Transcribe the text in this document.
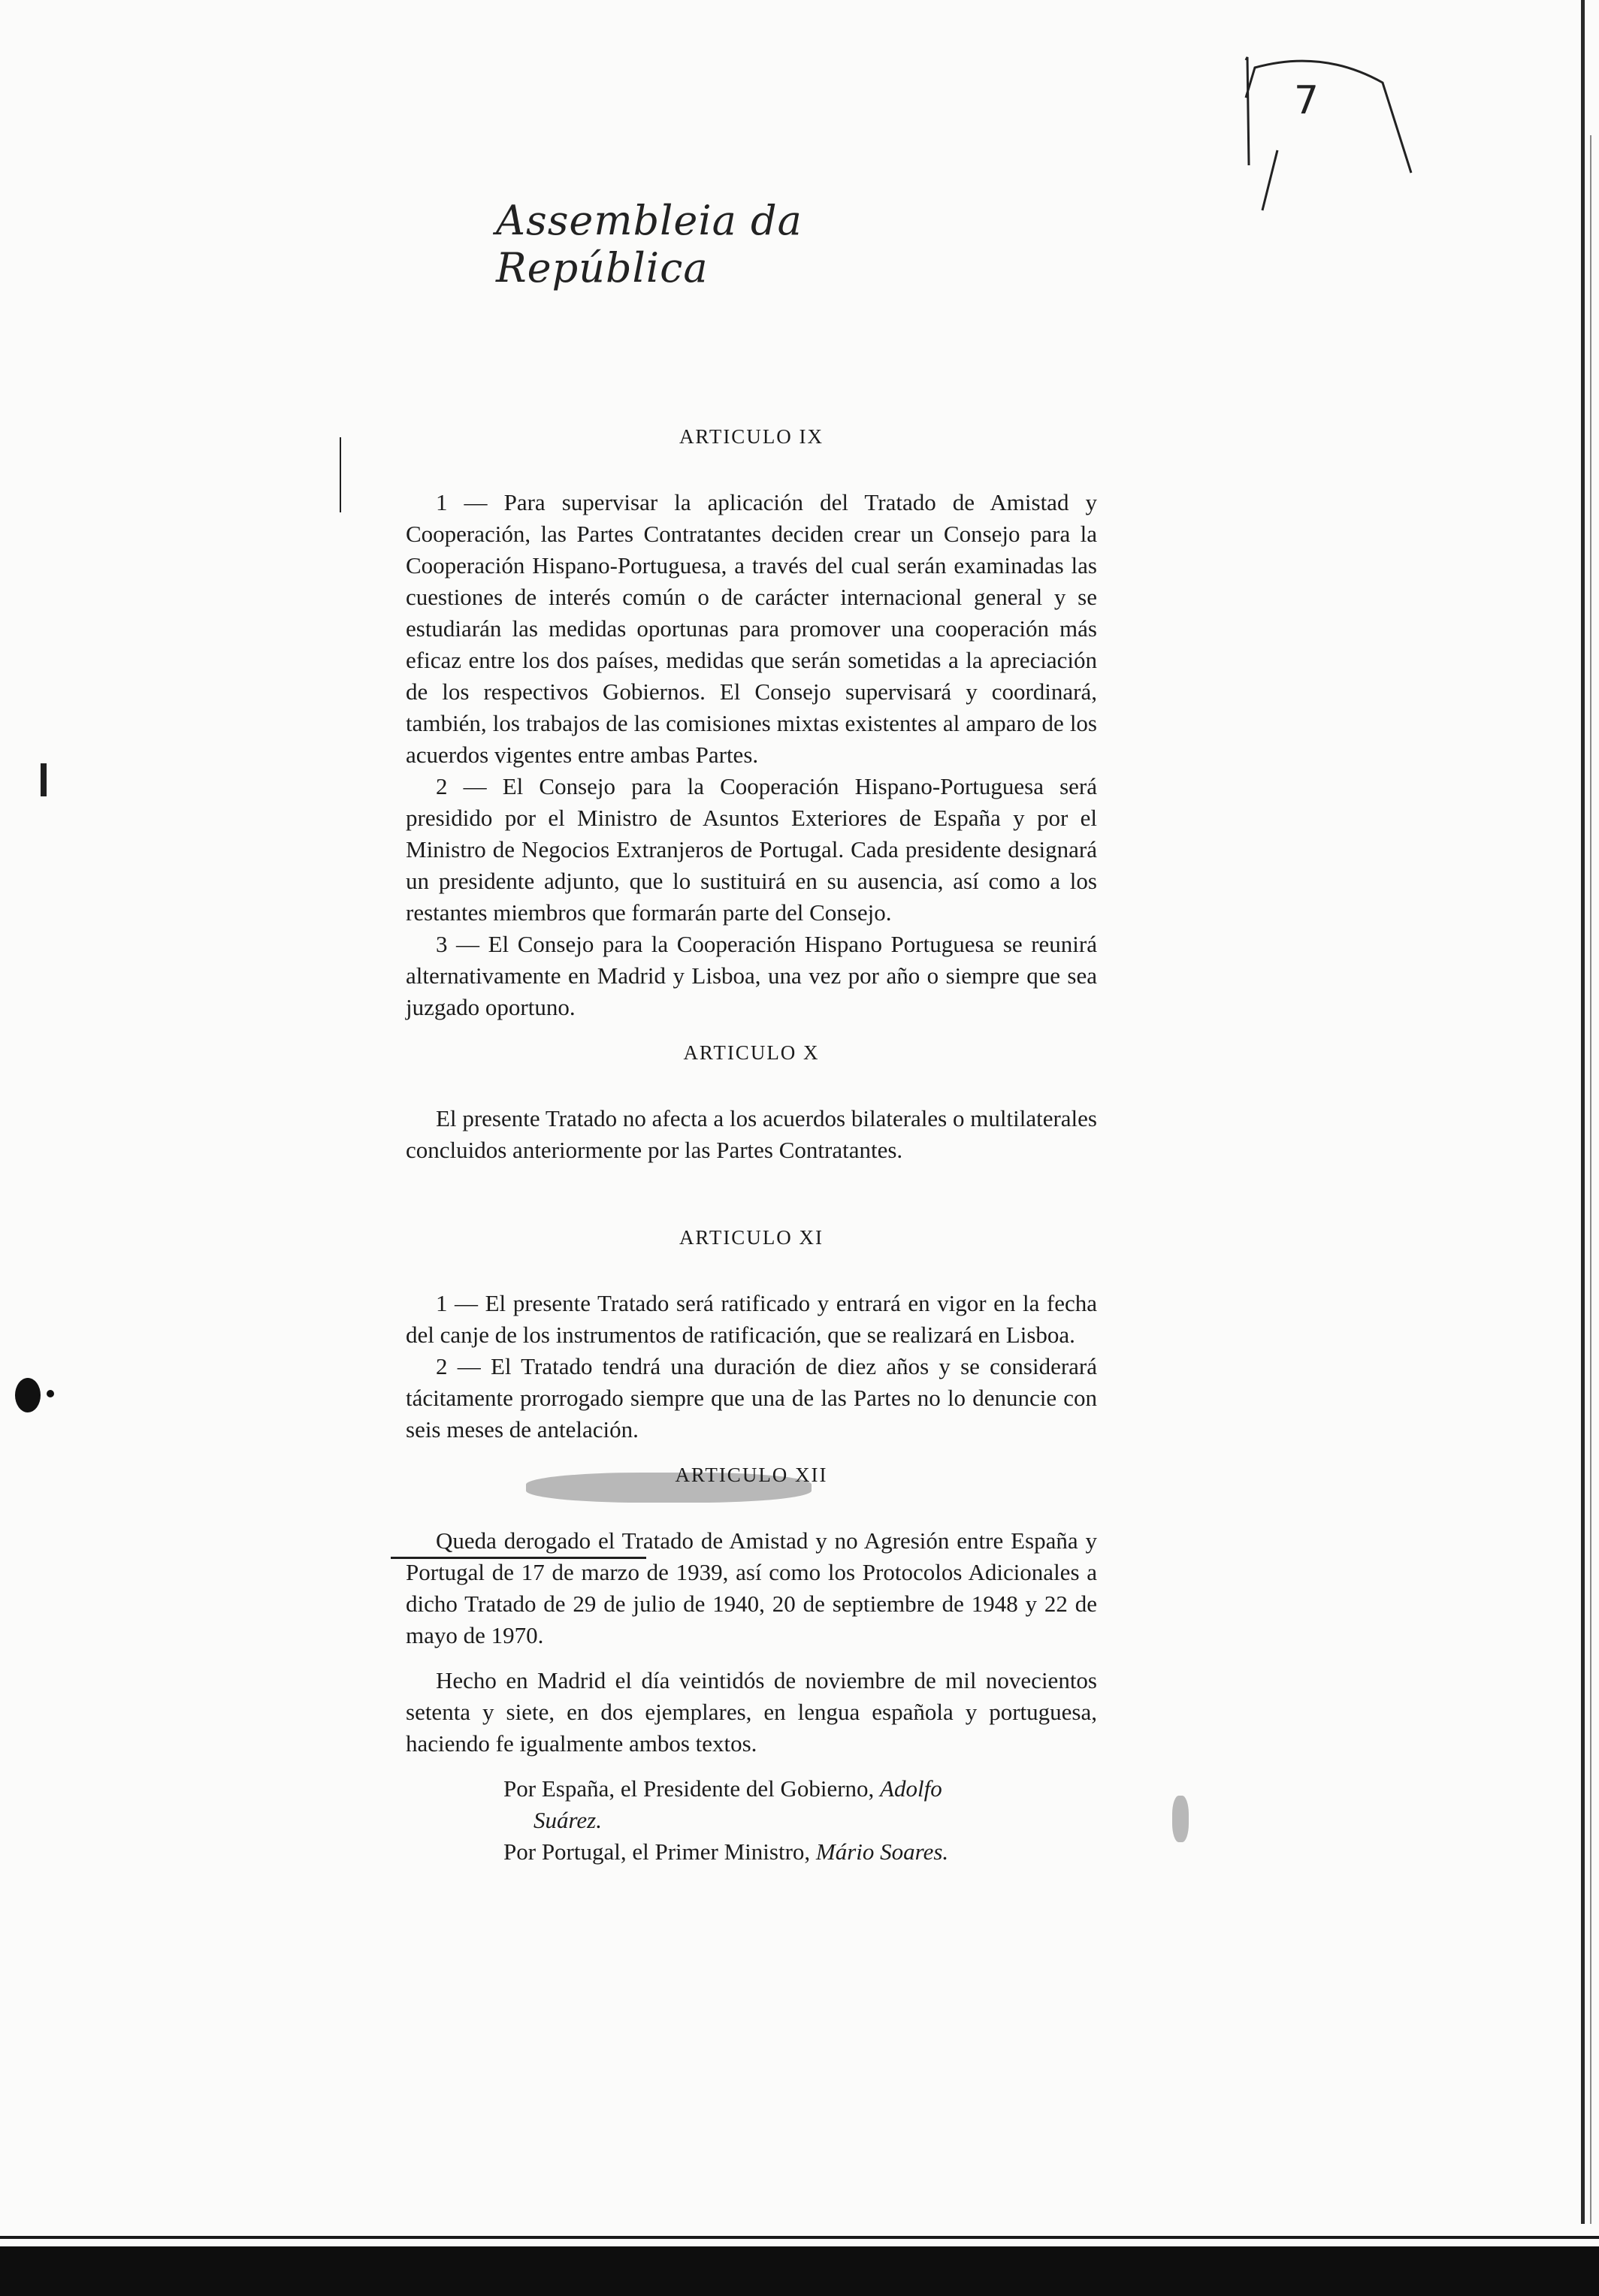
7
Assembleia da República
ARTICULO IX

1 — Para supervisar la aplicación del Tratado de Amistad y Cooperación, las Partes Contratantes deciden crear un Consejo para la Cooperación Hispano-Portuguesa, a través del cual serán examinadas las cuestiones de interés común o de carácter internacional general y se estudiarán las medidas oportunas para promover una cooperación más eficaz entre los dos países, medidas que serán sometidas a la apreciación de los respectivos Gobiernos. El Consejo supervisará y coordinará, también, los trabajos de las comisiones mixtas existentes al amparo de los acuerdos vigentes entre ambas Partes.

2 — El Consejo para la Cooperación Hispano-Portuguesa será presidido por el Ministro de Asuntos Exteriores de España y por el Ministro de Negocios Extranjeros de Portugal. Cada presidente designará un presidente adjunto, que lo sustituirá en su ausencia, así como a los restantes miembros que formarán parte del Consejo.

3 — El Consejo para la Cooperación Hispano Portuguesa se reunirá alternativamente en Madrid y Lisboa, una vez por año o siempre que sea juzgado oportuno.

ARTICULO X

El presente Tratado no afecta a los acuerdos bilaterales o multilaterales concluidos anteriormente por las Partes Contratantes.

ARTICULO XI

1 — El presente Tratado será ratificado y entrará en vigor en la fecha del canje de los instrumentos de ratificación, que se realizará en Lisboa.

2 — El Tratado tendrá una duración de diez años y se considerará tácitamente prorrogado siempre que una de las Partes no lo denuncie con seis meses de antelación.

ARTICULO XII

Queda derogado el Tratado de Amistad y no Agresión entre España y Portugal de 17 de marzo de 1939, así como los Protocolos Adicionales a dicho Tratado de 29 de julio de 1940, 20 de septiembre de 1948 y 22 de mayo de 1970.

Hecho en Madrid el día veintidós de noviembre de mil novecientos setenta y siete, en dos ejemplares, en lengua española y portuguesa, haciendo fe igualmente ambos textos.

Por España, el Presidente del Gobierno, Adolfo

Suárez.

Por Portugal, el Primer Ministro, Mário Soares.
